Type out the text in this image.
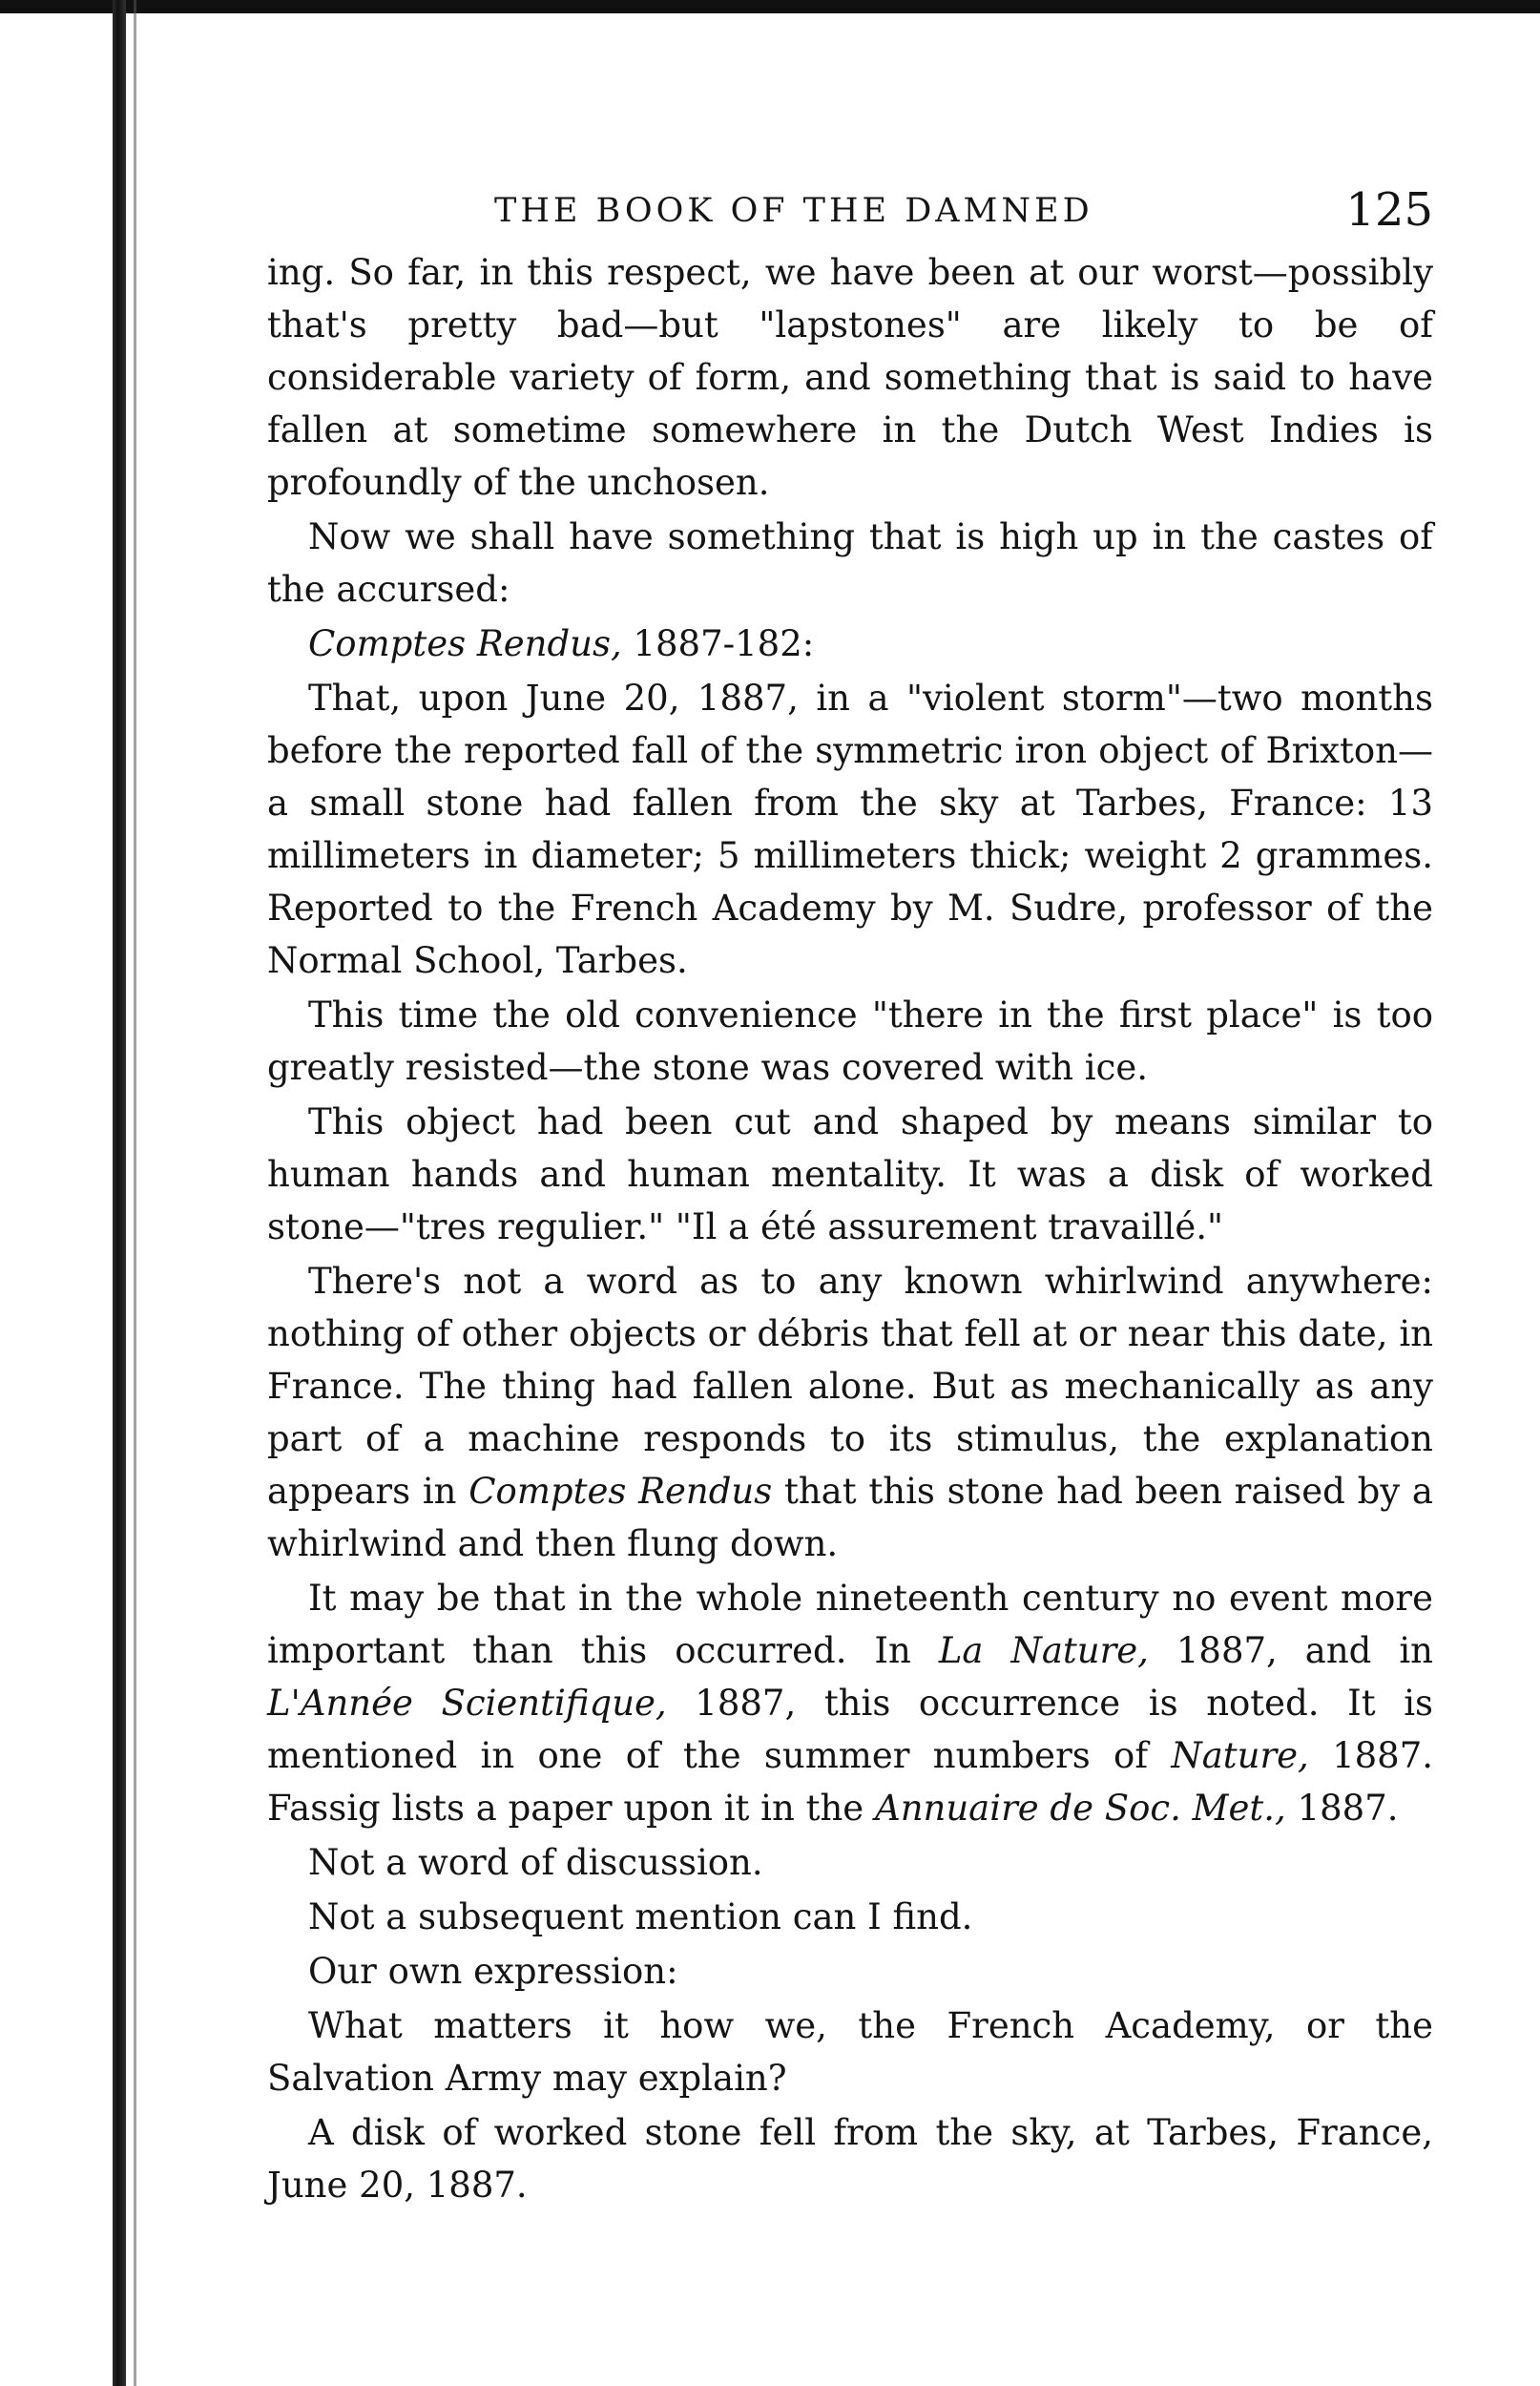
THE BOOK OF THE DAMNED	125

ing. So far, in this respect, we have been at our worst—possibly that's pretty bad—but "lapstones" are likely to be of considerable variety of form, and something that is said to have fallen at sometime somewhere in the Dutch West Indies is profoundly of the unchosen.

Now we shall have something that is high up in the castes of the accursed:

Comptes Rendus, 1887-182:

That, upon June 20, 1887, in a "violent storm"—two months before the reported fall of the symmetric iron object of Brixton—a small stone had fallen from the sky at Tarbes, France: 13 millimeters in diameter; 5 millimeters thick; weight 2 grammes. Reported to the French Academy by M. Sudre, professor of the Normal School, Tarbes.

This time the old convenience "there in the first place" is too greatly resisted—the stone was covered with ice.

This object had been cut and shaped by means similar to human hands and human mentality. It was a disk of worked stone—"tres regulier." "Il a été assurement travaillé."

There's not a word as to any known whirlwind anywhere: nothing of other objects or débris that fell at or near this date, in France. The thing had fallen alone. But as mechanically as any part of a machine responds to its stimulus, the explanation appears in Comptes Rendus that this stone had been raised by a whirlwind and then flung down.

It may be that in the whole nineteenth century no event more important than this occurred. In La Nature, 1887, and in L'Année Scientifique, 1887, this occurrence is noted. It is mentioned in one of the summer numbers of Nature, 1887. Fassig lists a paper upon it in the Annuaire de Soc. Met., 1887.

Not a word of discussion.

Not a subsequent mention can I find.

Our own expression:

What matters it how we, the French Academy, or the Salvation Army may explain?

A disk of worked stone fell from the sky, at Tarbes, France, June 20, 1887.
